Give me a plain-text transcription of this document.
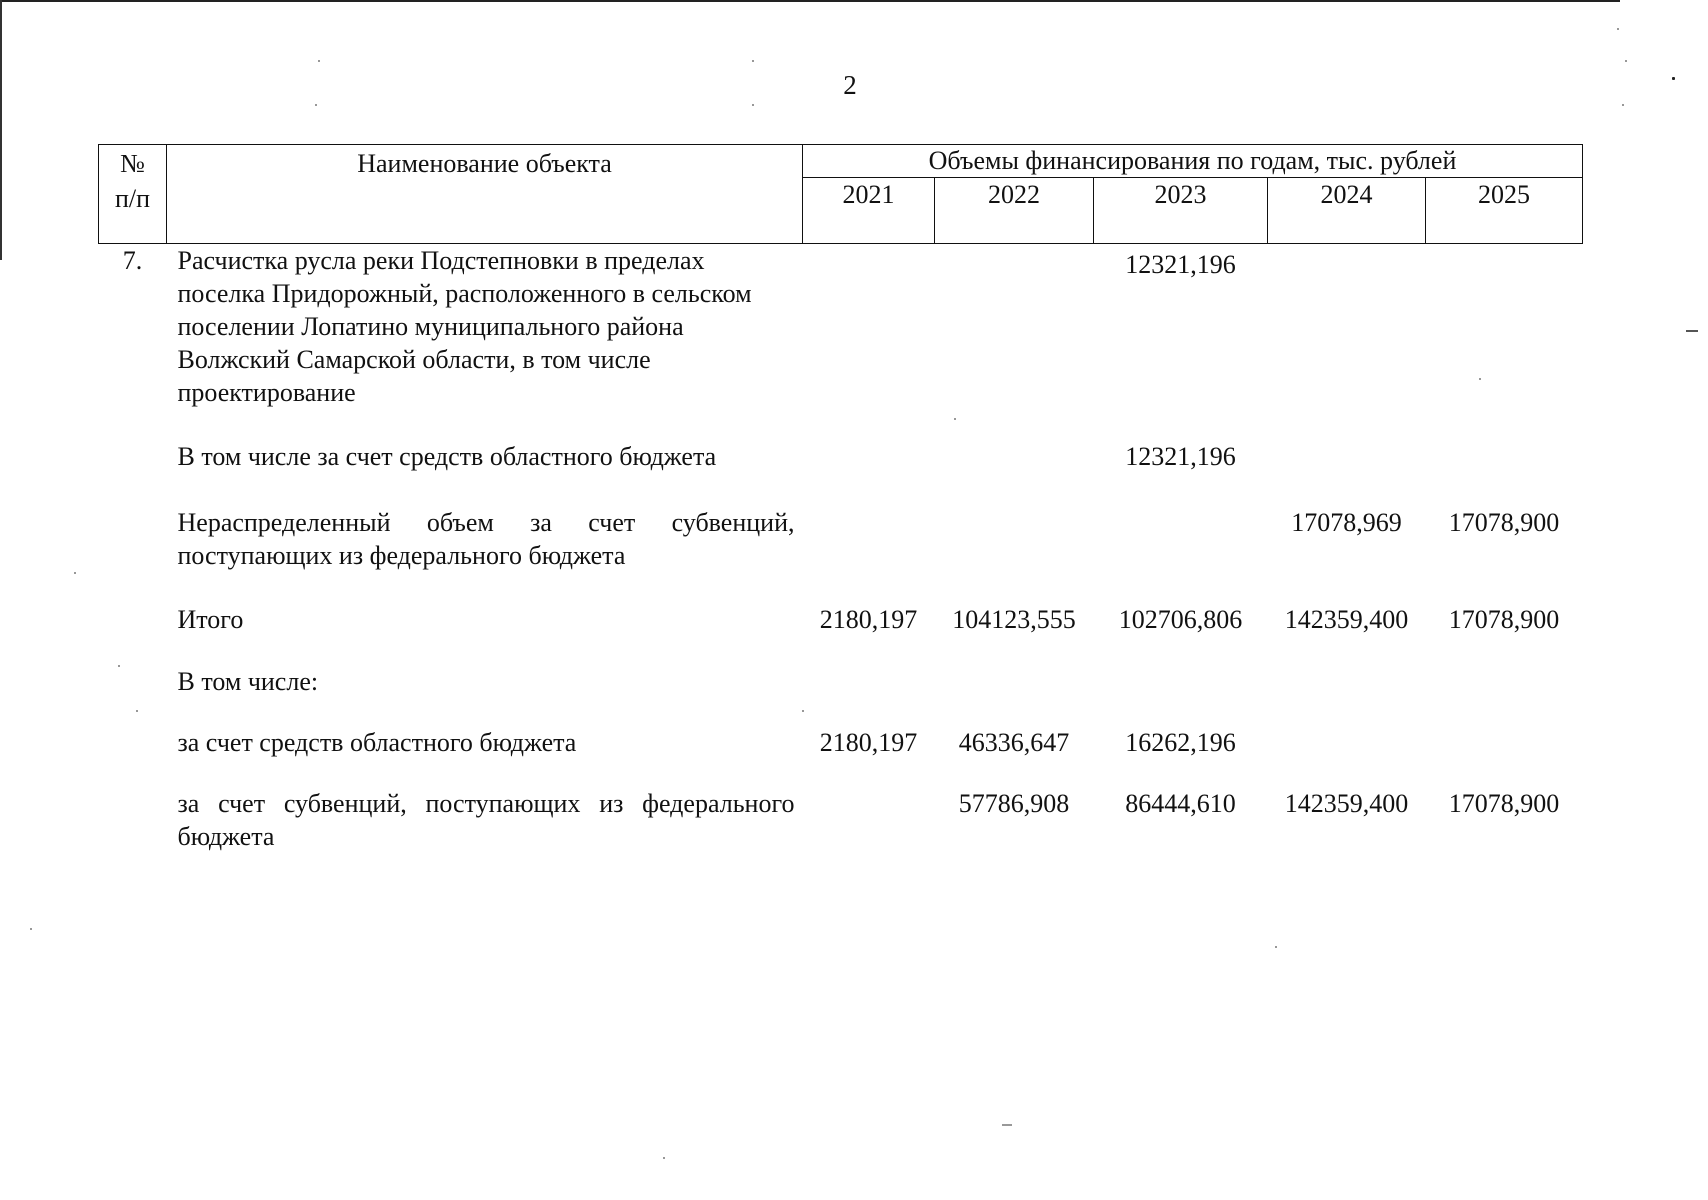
2
№
п/п	Наименование объекта	Объемы финансирования по годам, тыс. рублей				
		2021	2022	2023	2024	2025
7.	Расчистка русла реки Подстепновки в пределах поселка Придорожный, расположенного в сельском поселении Лопатино муниципального района Волжский Самарской области, в том числе проектирование			12321,196		

	В том числе за счет средств областного бюджета			12321,196		

	Нераспределенный объем за счет субвенций, поступающих из федерального бюджета				17078,969	17078,900

	Итого	2180,197	104123,555	102706,806	142359,400	17078,900

	В том числе:					

	за счет средств областного бюджета	2180,197	46336,647	16262,196		

	за счет субвенций, поступающих из федерального бюджета		57786,908	86444,610	142359,400	17078,900
